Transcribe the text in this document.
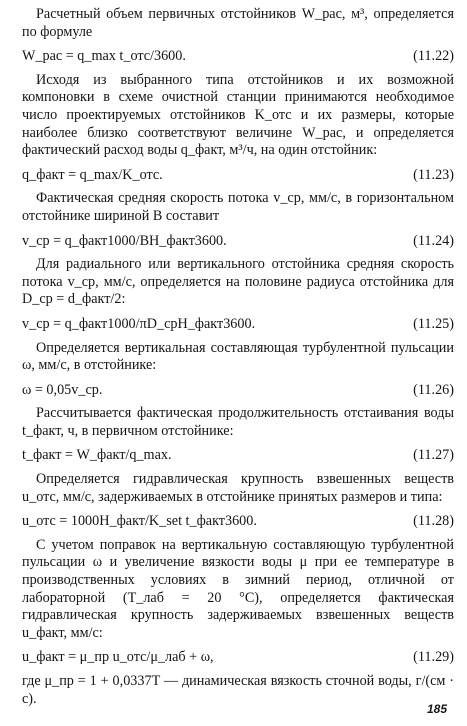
Расчетный объем первичных отстойников W_рас, м³, определяется по формуле

W_рас = q_max t_отс/3600.	(11.22)

Исходя из выбранного типа отстойников и их возможной компоновки в схеме очистной станции принимаются необходимое число проектируемых отстойников K_отс и их размеры, которые наиболее близко соответствуют величине W_рас, и определяется фактический расход воды q_факт, м³/ч, на один отстойник:

q_факт = q_max/K_отс.	(11.23)

Фактическая средняя скорость потока v_ср, мм/с, в горизонтальном отстойнике шириной B составит

v_ср = q_факт1000/BH_факт3600.	(11.24)

Для радиального или вертикального отстойника средняя скорость потока v_ср, мм/с, определяется на половине радиуса отстойника для D_ср = d_факт/2:

v_ср = q_факт1000/πD_срH_факт3600.	(11.25)

Определяется вертикальная составляющая турбулентной пульсации ω, мм/с, в отстойнике:

ω = 0,05v_ср.	(11.26)

Рассчитывается фактическая продолжительность отстаивания воды t_факт, ч, в первичном отстойнике:

t_факт = W_факт/q_max.	(11.27)

Определяется гидравлическая крупность взвешенных веществ u_отс, мм/с, задерживаемых в отстойнике принятых размеров и типа:

u_отс = 1000H_факт/K_set t_факт3600.	(11.28)

С учетом поправок на вертикальную составляющую турбулентной пульсации ω и увеличение вязкости воды μ при ее температуре в производственных условиях в зимний период, отличной от лабораторной (T_лаб = 20 °С), определяется фактическая гидравлическая крупность задерживаемых взвешенных веществ u_факт, мм/с:

u_факт = μ_пр u_отс/μ_лаб + ω,	(11.29)

где μ_пр = 1 + 0,0337T — динамическая вязкость сточной воды, г/(см · с).

185
